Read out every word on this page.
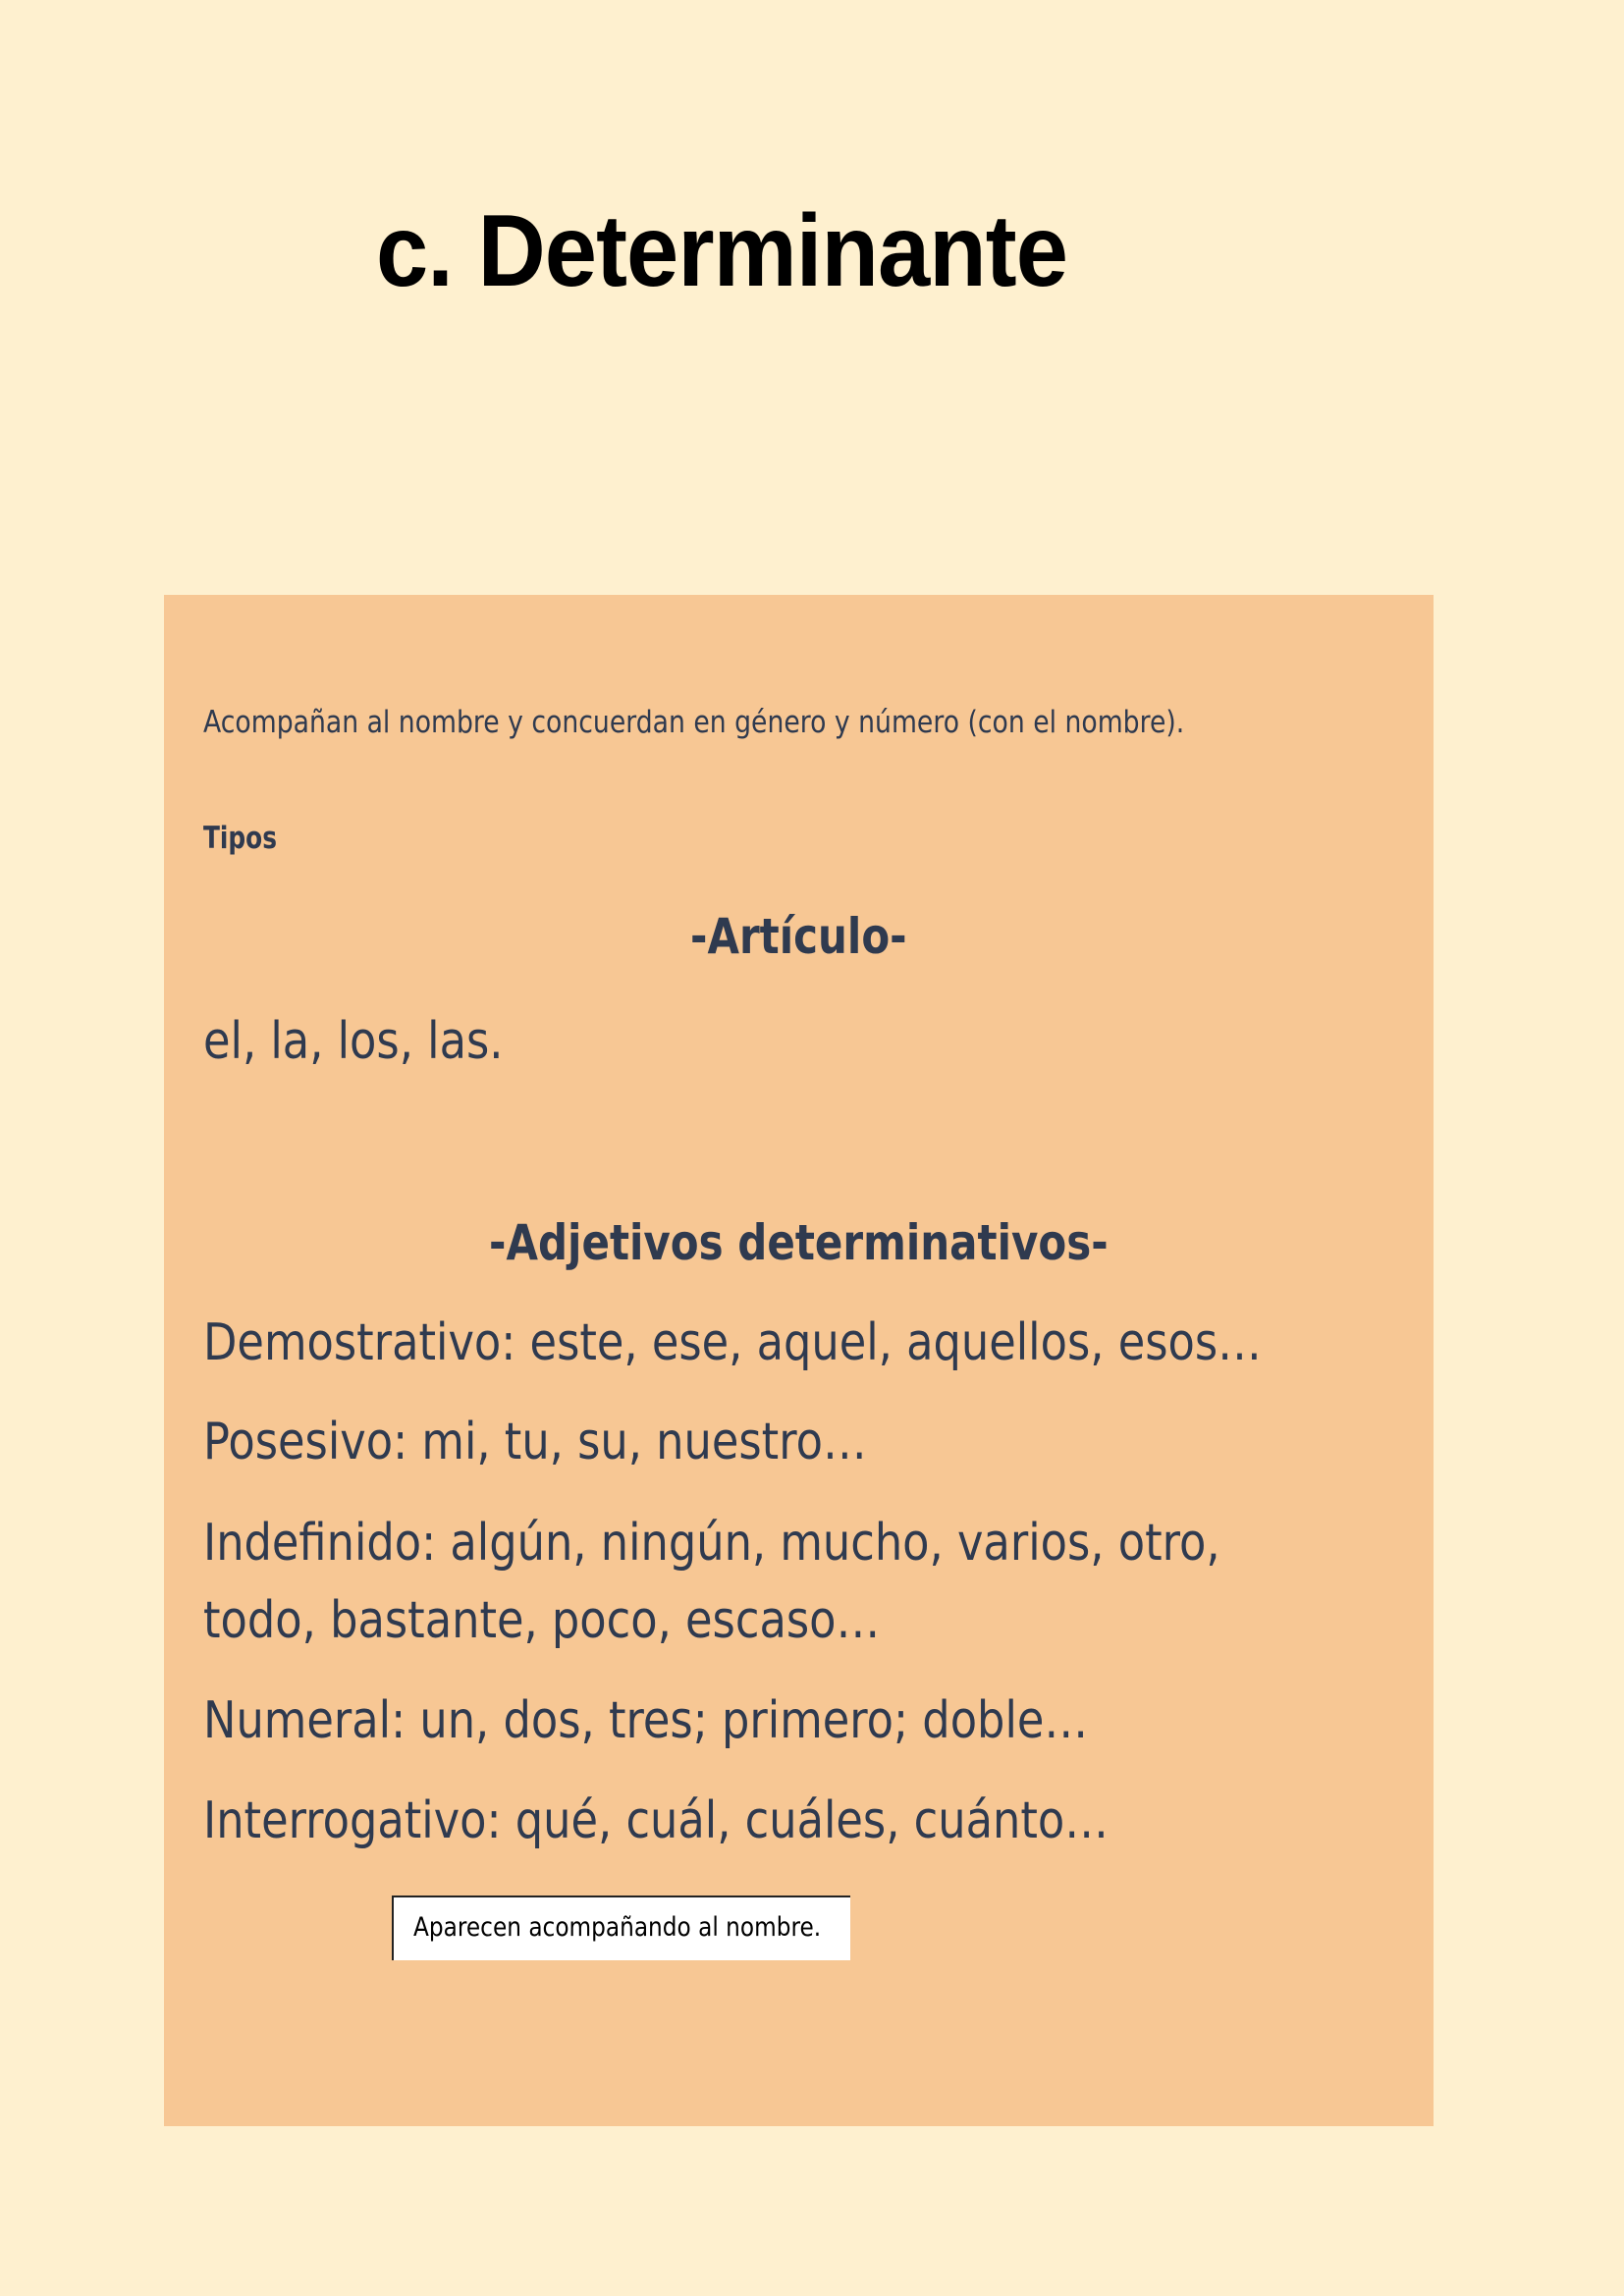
c. Determinante
Acompañan al nombre y concuerdan en género y número (con el nombre).
Tipos
-Artículo-
el, la, los, las.
-Adjetivos determinativos-
Demostrativo: este, ese, aquel, aquellos, esos…
Posesivo: mi, tu, su, nuestro…
Indefinido: algún, ningún, mucho, varios, otro,
todo, bastante, poco, escaso…
Numeral: un, dos, tres; primero; doble…
Interrogativo: qué, cuál, cuáles, cuánto…
Aparecen acompañando al nombre.
